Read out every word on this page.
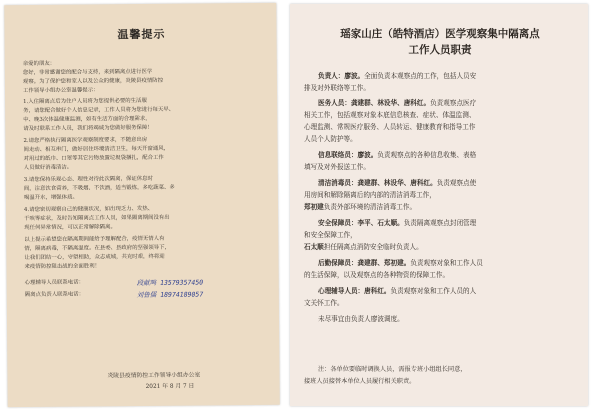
温馨提示
亲爱的朋友：
您好，非常感谢您的配合与支持，来到隔离点进行医学
观察。为了保护您和家人以及公众的健康，炎陵县疫情防控
工作领导小组办公室温馨提示：
1.入住隔离点后为住户人员将为您提供必要的生活服
务，请您配合做好个人信息记录，工作人员将为您进行每天早、
中、晚3次体温健康监测，如有生活方面的合理需求，
请及时联系工作人员，我们将竭诚为您做好服务保障！
2.请您严格执行隔离医学观察制度要求，不随意出房
间走动、相互串门，做好居住环境清洁卫生，每天开窗通风，
对用过的纸巾、口罩等其它污物放置垃圾袋捆扎，配合工作
人员做好消毒清洁。
3.请您保持乐观心态、理性对待此次隔离，保证休息时
间，注意饮食营养，不吸烟、不饮酒，适当锻炼，多吃蔬菜、多
喝温开水，增强体质。
4.请您密切观察自己的健康状况，如出现乏力、发热、
干咳等症状，及时告知隔离点工作人员，如果隔离期间没有出
现任何异常情况，可以正常解除隔离。
以上提示希望您在隔离期间能给予理解配合，疫情无情人有
情，隔离病毒，不隔离温度。在县委、县政府的坚强领导下，
让我们团结一心，守望相助，众志成城，共克时艰，终将迎
来疫情防控阻击战的全面胜利！
心理辅导人员联系电话：	段献鸣 13579357450
隔离点负责人联系电话：	刘鲁儒 18974189057
炎陵县疫情防控工作领导小组办公室
2021 年 8 月 7 日
瑶家山庄（皓特酒店）医学观察集中隔离点
工作人员职责
负责人：廖波。全面负责本观察点的工作，包括人员安
排及对外联络等工作。
医务人员：龚建群、林设华、唐科红。负责观察点医疗
相关工作，包括观察对象本底信息核查、症状、体温监测、
心理监测、常规医疗服务、人员转运、健康教育和指导工作
人员个人防护等。
信息联络员：廖波。负责观察点的各种信息收集、表格
填写及对外报送工作。
清洁消毒员：龚建群、林设华、唐科红。负责观察点使
用房间和解除隔离后的内部的清洁消毒工作，
郑初建负责外部环境的清洁消毒工作。
安全保障员：李平、石太顺。负责隔离观察点封闭管理
和安全保障工作，
石太顺担任隔离点消防安全临时负责人。
后勤保障员：龚建群、郑初建。负责观察对象和工作人员
的生活保障，以及观察点的各种物资的保障工作。
心理辅导人员：唐科红。负责观察对象和工作人员的人
文关怀工作。
未尽事宜由负责人廖波调度。
注：各单位要临时调换人员，需报专班小组组长同意，
接班人员接替本单位人员履行相关职责。
